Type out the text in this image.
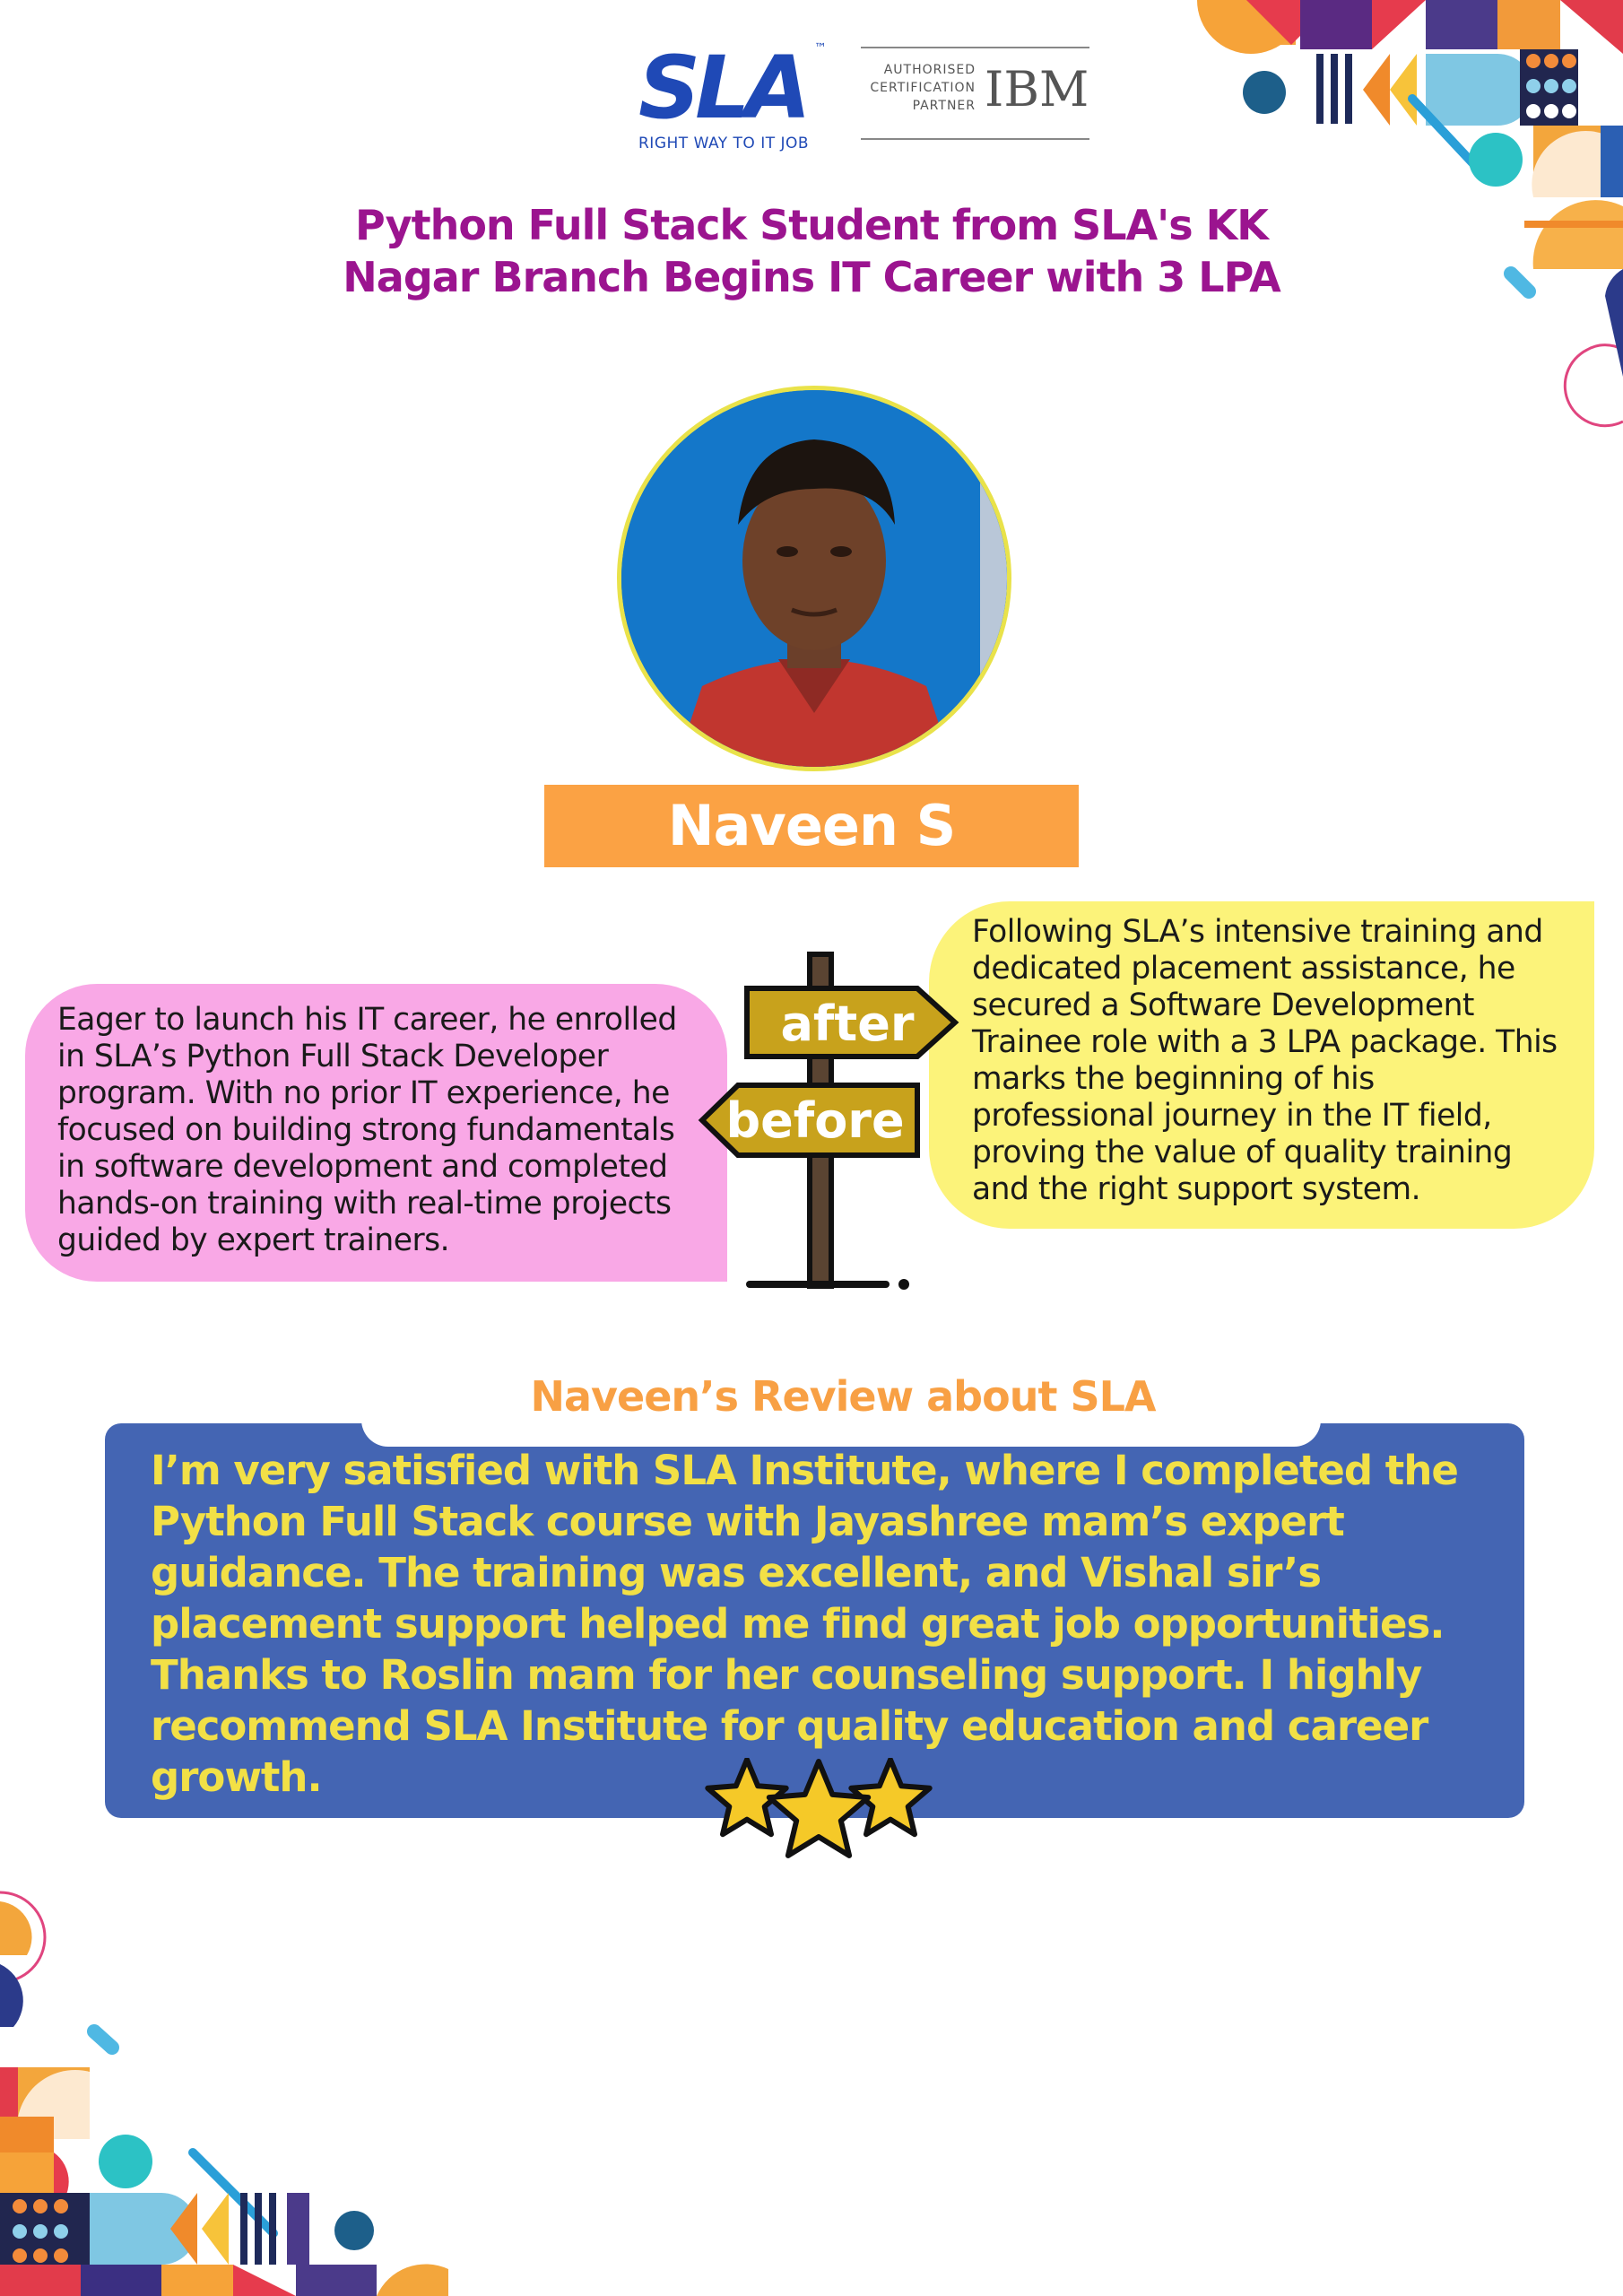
SLA ™
RIGHT WAY TO IT JOB
AUTHORISED
CERTIFICATION
PARTNER IBM
Python Full Stack Student from SLA's KK
Nagar Branch Begins IT Career with 3 LPA
Naveen S
Eager to launch his IT career, he enrolled
in SLA’s Python Full Stack Developer
program. With no prior IT experience, he
focused on building strong fundamentals
in software development and completed
hands-on training with real-time projects
guided by expert trainers.
Following SLA’s intensive training and
dedicated placement assistance, he
secured a Software Development
Trainee role with a 3 LPA package. This
marks the beginning of his
professional journey in the IT field,
proving the value of quality training
and the right support system.
after
before
Naveen’s Review about SLA
I’m very satisfied with SLA Institute, where I completed the
Python Full Stack course with Jayashree mam’s expert
guidance. The training was excellent, and Vishal sir’s
placement support helped me find great job opportunities.
Thanks to Roslin mam for her counseling support. I highly
recommend SLA Institute for quality education and career
growth.
